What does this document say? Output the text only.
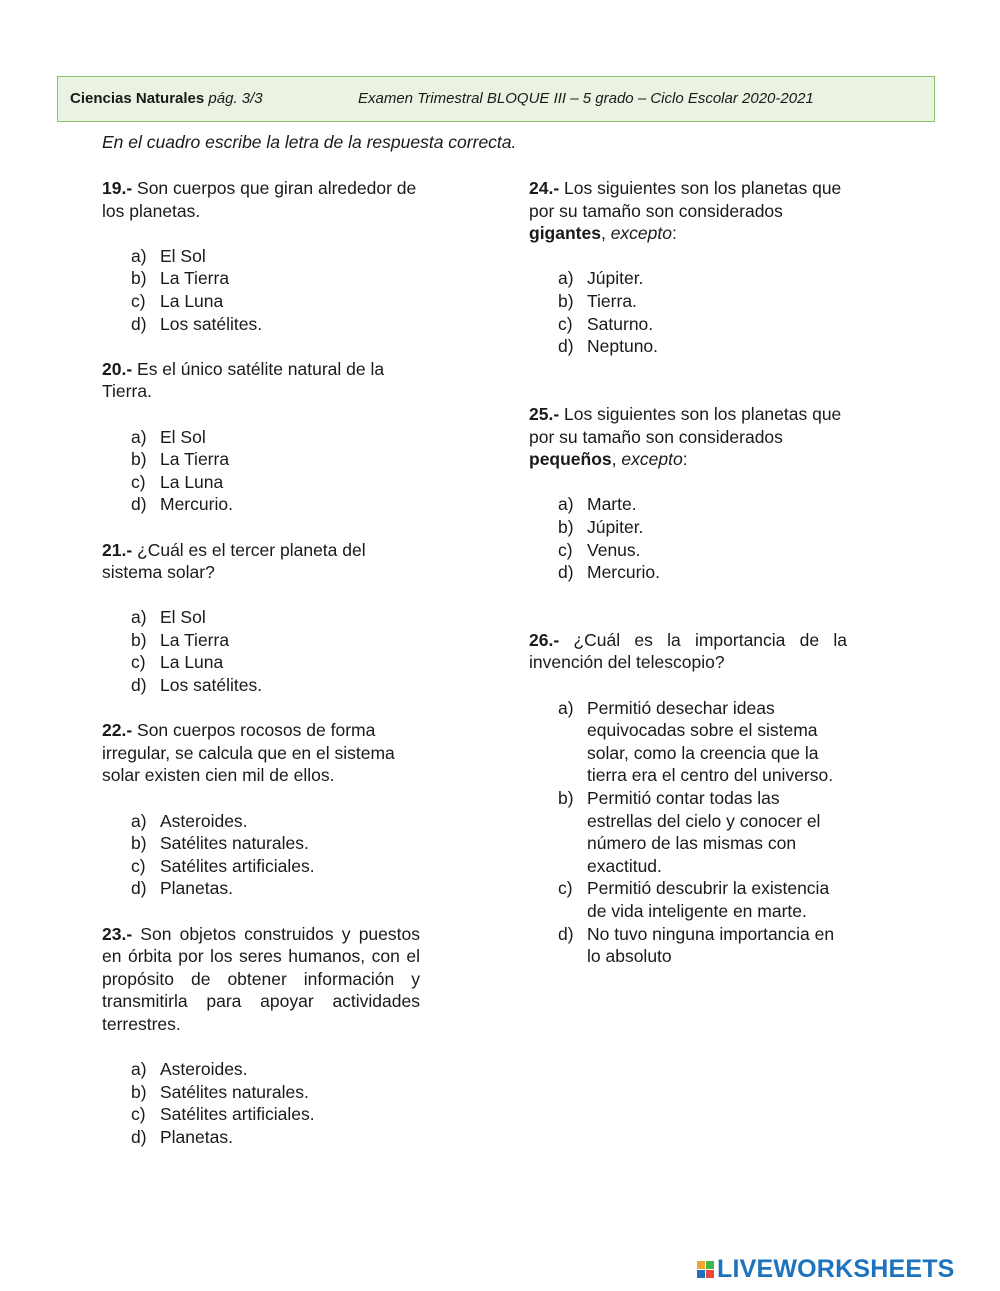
Ciencias Naturales pág. 3/3	Examen Trimestral BLOQUE III – 5 grado – Ciclo Escolar 2020-2021
En el cuadro escribe la letra de la respuesta correcta.

19.- Son cuerpos que giran alrededor de los planetas.

a) El Sol
b) La Tierra
c) La Luna
d) Los satélites.

20.- Es el único satélite natural de la Tierra.

a) El Sol
b) La Tierra
c) La Luna
d) Mercurio.

21.- ¿Cuál es el tercer planeta del sistema solar?

a) El Sol
b) La Tierra
c) La Luna
d) Los satélites.

22.- Son cuerpos rocosos de forma irregular, se calcula que en el sistema solar existen cien mil de ellos.

a) Asteroides.
b) Satélites naturales.
c) Satélites artificiales.
d) Planetas.

23.- Son objetos construidos y puestos en órbita por los seres humanos, con el propósito de obtener información y transmitirla para apoyar actividades terrestres.

a) Asteroides.
b) Satélites naturales.
c) Satélites artificiales.
d) Planetas.

24.- Los siguientes son los planetas que por su tamaño son considerados gigantes, excepto:

a) Júpiter.
b) Tierra.
c) Saturno.
d) Neptuno.

25.- Los siguientes son los planetas que por su tamaño son considerados pequeños, excepto:

a) Marte.
b) Júpiter.
c) Venus.
d) Mercurio.

26.- ¿Cuál es la importancia de la invención del telescopio?

a) Permitió desechar ideas equivocadas sobre el sistema solar, como la creencia que la tierra era el centro del universo.
b) Permitió contar todas las estrellas del cielo y conocer el número de las mismas con exactitud.
c) Permitió descubrir la existencia de vida inteligente en marte.
d) No tuvo ninguna importancia en lo absoluto
LIVEWORKSHEETS
